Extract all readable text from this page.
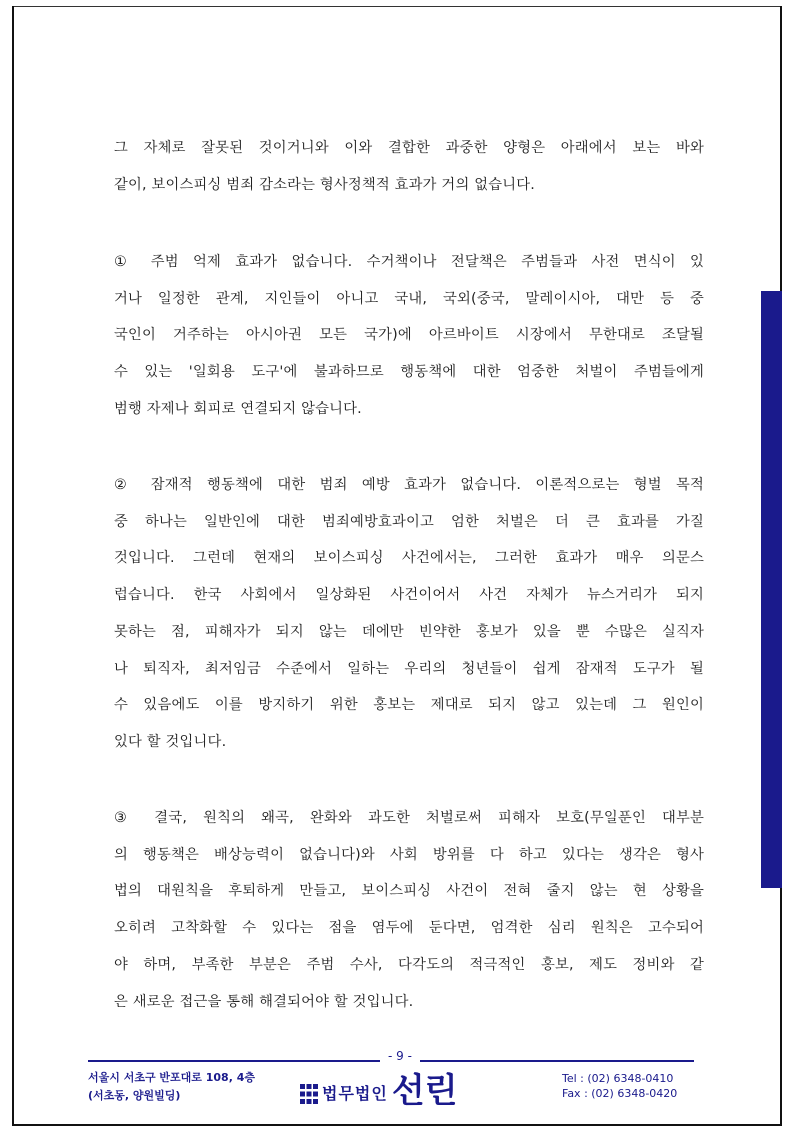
그 자체로 잘못된 것이거니와 이와 결합한 과중한 양형은 아래에서 보는 바와
같이, 보이스피싱 범죄 감소라는 형사정책적 효과가 거의 없습니다.
① 주범 억제 효과가 없습니다. 수거책이나 전달책은 주범들과 사전 면식이 있
거나 일정한 관계, 지인들이 아니고 국내, 국외(중국, 말레이시아, 대만 등 중
국인이 거주하는 아시아권 모든 국가)에 아르바이트 시장에서 무한대로 조달될
수 있는 '일회용 도구'에 불과하므로 행동책에 대한 엄중한 처벌이 주범들에게
범행 자제나 회피로 연결되지 않습니다.
② 잠재적 행동책에 대한 범죄 예방 효과가 없습니다. 이론적으로는 형벌 목적
중 하나는 일반인에 대한 범죄예방효과이고 엄한 처벌은 더 큰 효과를 가질
것입니다. 그런데 현재의 보이스피싱 사건에서는, 그러한 효과가 매우 의문스
럽습니다. 한국 사회에서 일상화된 사건이어서 사건 자체가 뉴스거리가 되지
못하는 점, 피해자가 되지 않는 데에만 빈약한 홍보가 있을 뿐 수많은 실직자
나 퇴직자, 최저임금 수준에서 일하는 우리의 청년들이 쉽게 잠재적 도구가 될
수 있음에도 이를 방지하기 위한 홍보는 제대로 되지 않고 있는데 그 원인이
있다 할 것입니다.
③ 결국, 원칙의 왜곡, 완화와 과도한 처벌로써 피해자 보호(무일푼인 대부분
의 행동책은 배상능력이 없습니다)와 사회 방위를 다 하고 있다는 생각은 형사
법의 대원칙을 후퇴하게 만들고, 보이스피싱 사건이 전혀 줄지 않는 현 상황을
오히려 고착화할 수 있다는 점을 염두에 둔다면, 엄격한 심리 원칙은 고수되어
야 하며, 부족한 부분은 주범 수사, 다각도의 적극적인 홍보, 제도 정비와 같
은 새로운 접근을 통해 해결되어야 할 것입니다.
- 9 -
서울시 서초구 반포대로 108, 4층
(서초동, 양원빌딩)	법무법인 선린	Tel : (02) 6348-0410
Fax : (02) 6348-0420
